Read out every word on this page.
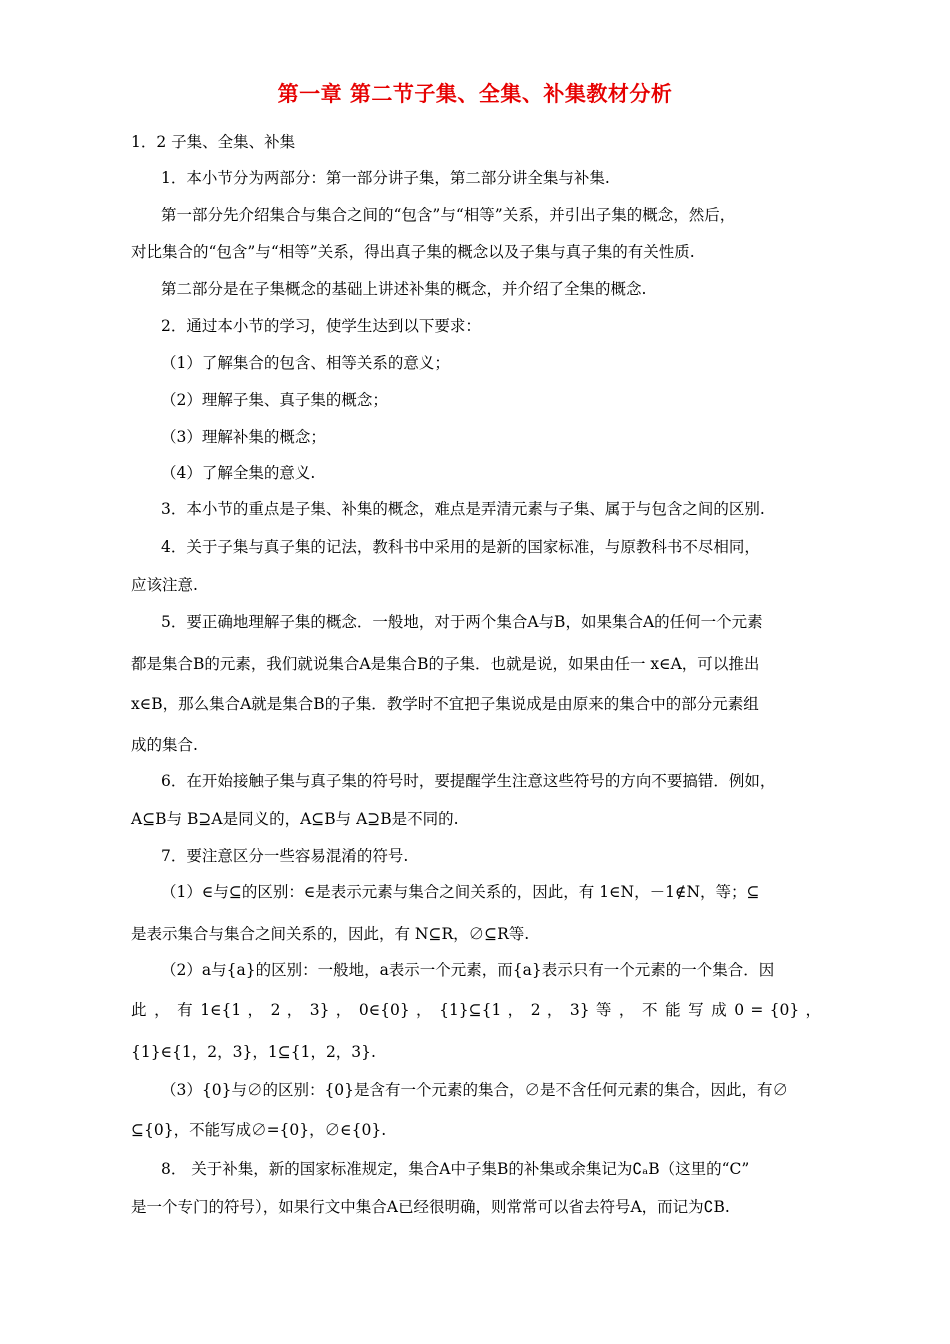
第一章 第二节子集、全集、补集教材分析
1．2 子集、全集、补集
1．本小节分为两部分：第一部分讲子集，第二部分讲全集与补集.
第一部分先介绍集合与集合之间的“包含”与“相等”关系，并引出子集的概念，然后，
对比集合的“包含”与“相等”关系，得出真子集的概念以及子集与真子集的有关性质.
第二部分是在子集概念的基础上讲述补集的概念，并介绍了全集的概念.
2．通过本小节的学习，使学生达到以下要求：
（1）了解集合的包含、相等关系的意义；
（2）理解子集、真子集的概念；
（3）理解补集的概念；
（4）了解全集的意义.
3．本小节的重点是子集、补集的概念，难点是弄清元素与子集、属于与包含之间的区别.
4．关于子集与真子集的记法，教科书中采用的是新的国家标准，与原教科书不尽相同，
应该注意.
5．要正确地理解子集的概念．一般地，对于两个集合A与B，如果集合A的任何一个元素
都是集合B的元素，我们就说集合A是集合B的子集．也就是说，如果由任一 x∈A，可以推出
x∈B，那么集合A就是集合B的子集．教学时不宜把子集说成是由原来的集合中的部分元素组
成的集合.
6．在开始接触子集与真子集的符号时，要提醒学生注意这些符号的方向不要搞错．例如，
A⊆B与 B⊇A是同义的，A⊆B与 A⊇B是不同的.
7．要注意区分一些容易混淆的符号.
（1）∈与⊆的区别：∈是表示元素与集合之间关系的，因此，有 1∈N，－1∉N，等；⊆
是表示集合与集合之间关系的，因此，有 N⊆R，∅⊆R等.
（2）a与{a}的区别：一般地，a表示一个元素，而{a}表示只有一个元素的一个集合．因
此 ， 有 1∈{1 ， 2 ， 3} ， 0∈{0} ， {1}⊆{1 ， 2 ， 3} 等 ， 不 能 写 成 0 = {0} ，
{1}∈{1，2，3}，1⊆{1，2，3}.
（3）{0}与∅的区别：{0}是含有一个元素的集合，∅是不含任何元素的集合，因此，有∅
⊆{0}，不能写成∅={0}，∅∈{0}.
8． 关于补集，新的国家标准规定，集合A中子集B的补集或余集记为∁ₐB（这里的“C”
是一个专门的符号），如果行文中集合A已经很明确，则常常可以省去符号A，而记为∁B.
